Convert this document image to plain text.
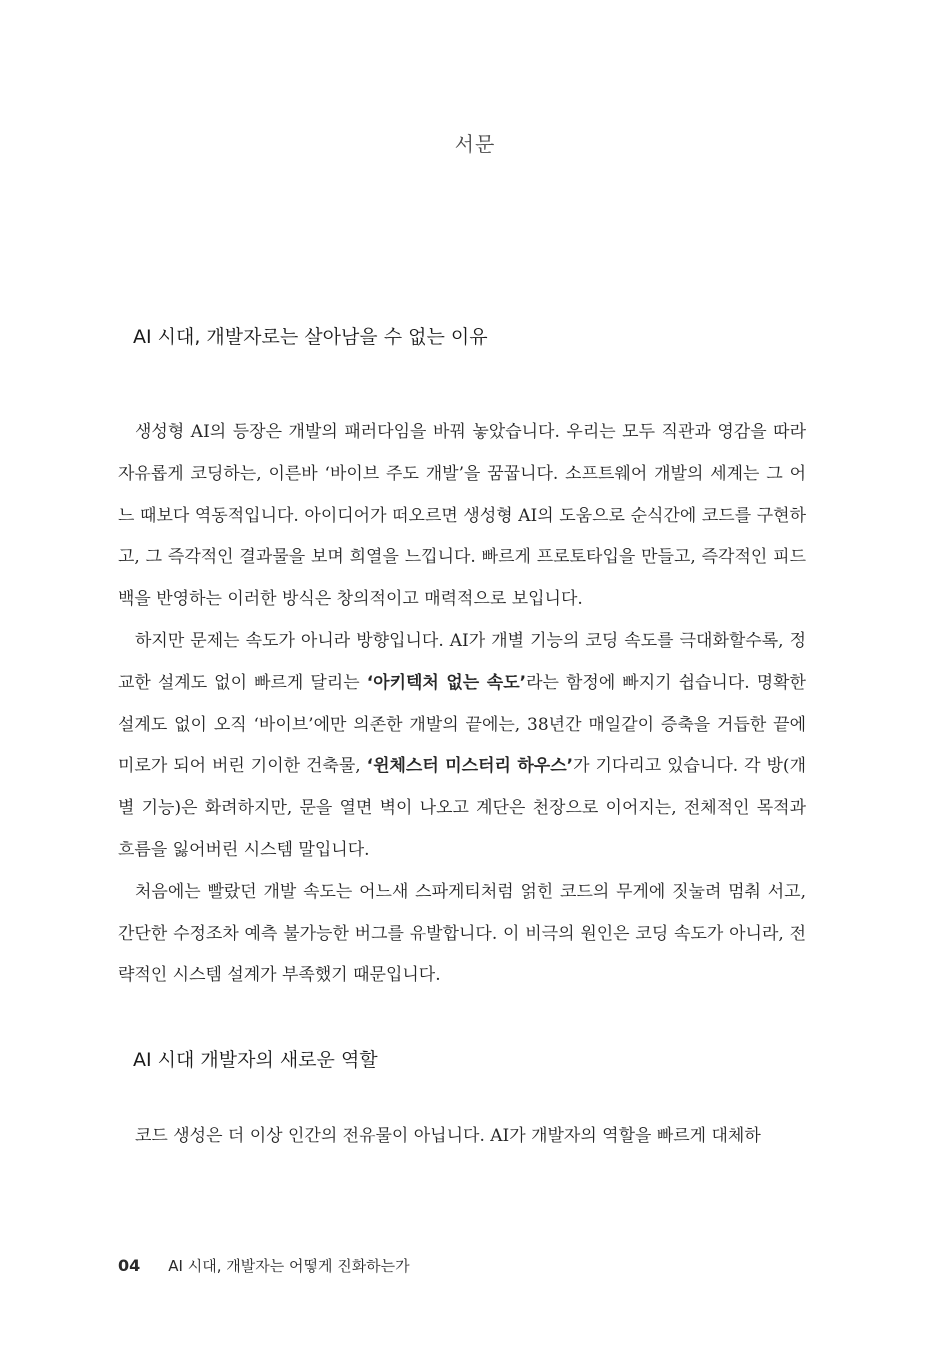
서문
AI 시대, 개발자로는 살아남을 수 없는 이유

생성형 AI의 등장은 개발의 패러다임을 바꿔 놓았습니다. 우리는 모두 직관과 영감을 따라 자유롭게 코딩하는, 이른바 ‘바이브 주도 개발’을 꿈꿉니다. 소프트웨어 개발의 세계는 그 어느 때보다 역동적입니다. 아이디어가 떠오르면 생성형 AI의 도움으로 순식간에 코드를 구현하고, 그 즉각적인 결과물을 보며 희열을 느낍니다. 빠르게 프로토타입을 만들고, 즉각적인 피드백을 반영하는 이러한 방식은 창의적이고 매력적으로 보입니다.

하지만 문제는 속도가 아니라 방향입니다. AI가 개별 기능의 코딩 속도를 극대화할수록, 정교한 설계도 없이 빠르게 달리는 ‘아키텍처 없는 속도’라는 함정에 빠지기 쉽습니다. 명확한 설계도 없이 오직 ‘바이브’에만 의존한 개발의 끝에는, 38년간 매일같이 증축을 거듭한 끝에 미로가 되어 버린 기이한 건축물, ‘윈체스터 미스터리 하우스’가 기다리고 있습니다. 각 방(개별 기능)은 화려하지만, 문을 열면 벽이 나오고 계단은 천장으로 이어지는, 전체적인 목적과 흐름을 잃어버린 시스템 말입니다.

처음에는 빨랐던 개발 속도는 어느새 스파게티처럼 얽힌 코드의 무게에 짓눌려 멈춰 서고, 간단한 수정조차 예측 불가능한 버그를 유발합니다. 이 비극의 원인은 코딩 속도가 아니라, 전략적인 시스템 설계가 부족했기 때문입니다.

AI 시대 개발자의 새로운 역할

코드 생성은 더 이상 인간의 전유물이 아닙니다. AI가 개발자의 역할을 빠르게 대체하

04 AI 시대, 개발자는 어떻게 진화하는가
